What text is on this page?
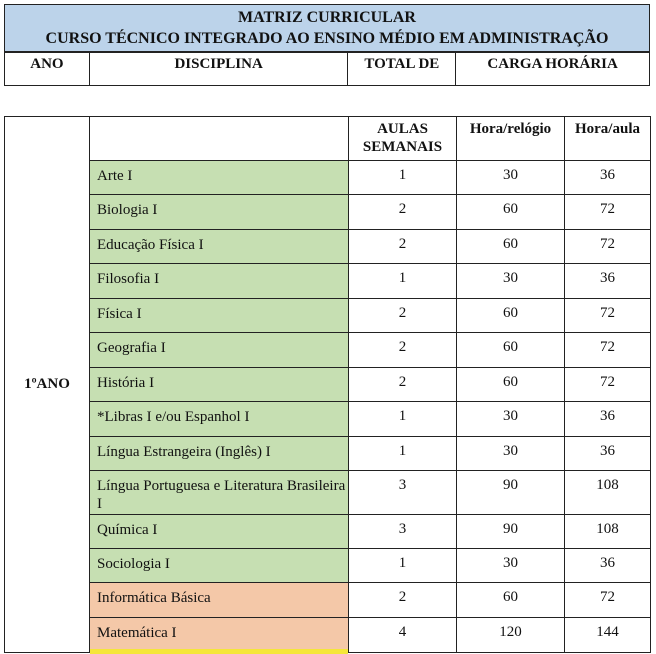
MATRIZ CURRICULAR
CURSO TÉCNICO INTEGRADO AO ENSINO MÉDIO EM ADMINISTRAÇÃO
ANO	DISCIPLINA	TOTAL DE	CARGA HORÁRIA
1ºANO		AULAS SEMANAIS	Hora/relógio	Hora/aula
	Arte I	1	30	36
	Biologia I	2	60	72
	Educação Física I	2	60	72
	Filosofia I	1	30	36
	Física I	2	60	72
	Geografia I	2	60	72
	História I	2	60	72
	*Libras I e/ou Espanhol I	1	30	36
	Língua Estrangeira (Inglês) I	1	30	36
	Língua Portuguesa e Literatura Brasileira I	3	90	108
	Química I	3	90	108
	Sociologia I	1	30	36
	Informática Básica	2	60	72
	Matemática I	4	120	144
